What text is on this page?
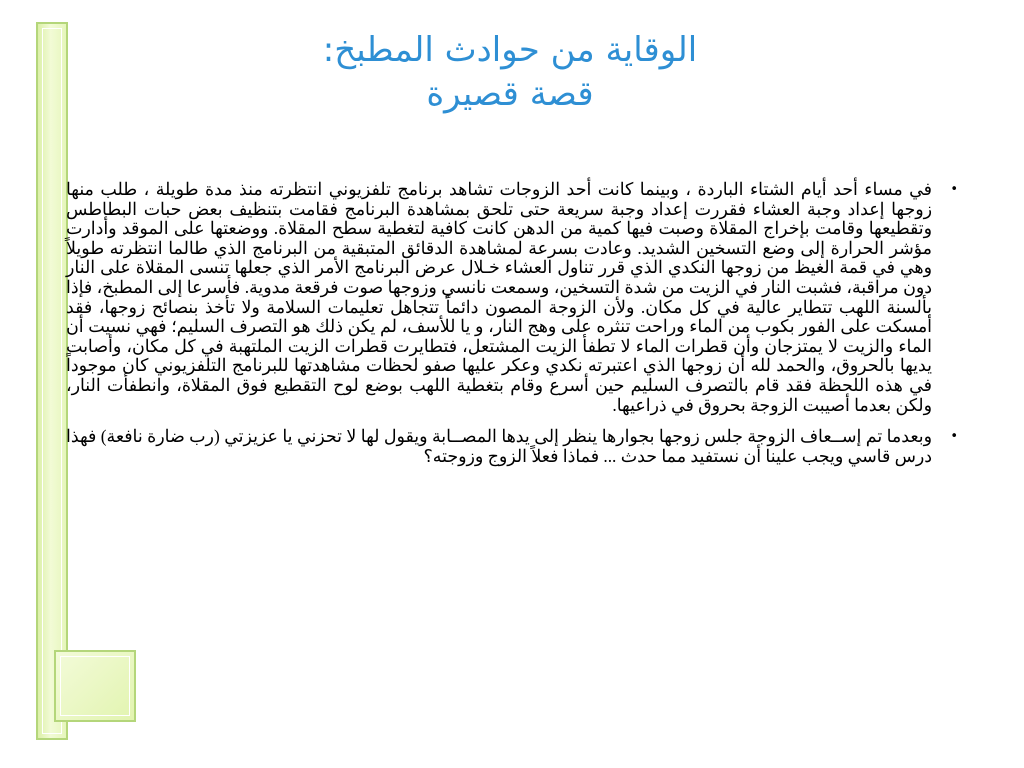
الوقاية من حوادث المطبخ:
قصة قصيرة
•
في مساء أحد أيام الشتاء الباردة ، وبينما كانت أحد الزوجات تشاهد برنامج تلفزيوني انتظرته منذ مدة طويلة ، طلب منها زوجها إعداد وجبة العشاء فقررت إعداد وجبة سريعة حتى تلحق بمشاهدة البرنامج فقامت بتنظيف بعض حبات البطاطس وتقطيعها وقامت بإخراج المقلاة وصبت فيها كمية من الدهن كانت كافية لتغطية سطح المقلاة. ووضعتها على الموقد وأدارت مؤشر الحرارة إلى وضع التسخين الشديد. وعادت بسرعة لمشاهدة الدقائق المتبقية من البرنامج الذي طالما انتظرته طويلاً وهي في قمة الغيظ من زوجها النكدي الذي قرر تناول العشاء خـلال عرض البرنامج الأمر الذي جعلها تنسى المقلاة على النار دون مراقبة، فشبت النار في الزيت من شدة التسخين، وسمعت نانسي وزوجها صوت فرقعة مدوية. فأسرعا إلى المطبخ، فإذا بألسنة اللهب تتطاير عالية في كل مكان. ولأن الزوجة المصون دائماً تتجاهل تعليمات السلامة ولا تأخذ بنصائح زوجها، فقد أمسكت على الفور بكوب من الماء وراحت تنثره على وهج النار، و يا للأسف، لم يكن ذلك هو التصرف السليم؛ فهي نسيت أن الماء والزيت لا يمتزجان وأن قطرات الماء لا تطفأ الزيت المشتعل، فتطايرت قطرات الزيت الملتهبة في كل مكان، وأصابت يديها بالحروق، والحمد لله أن زوجها الذي اعتبرته نكدي وعكر عليها صفو لحظات مشاهدتها للبرنامج التلفزيوني كان موجوداً في هذه اللحظة فقد قام بالتصرف السليم حين أسرع وقام بتغطية اللهب بوضع لوح التقطيع فوق المقلاة، وانطفأت النار، ولكن بعدما أصيبت الزوجة بحروق في ذراعيها.
•
وبعدما تم إســعاف الزوجة جلس زوجها بجوارها ينظر إلى يدها المصــابة ويقول لها لا تحزني يا عزيزتي (رب ضارة نافعة) فهذا درس قاسي ويجب علينا أن نستفيد مما حدث ... فماذا فعلاً الزوج وزوجته؟
